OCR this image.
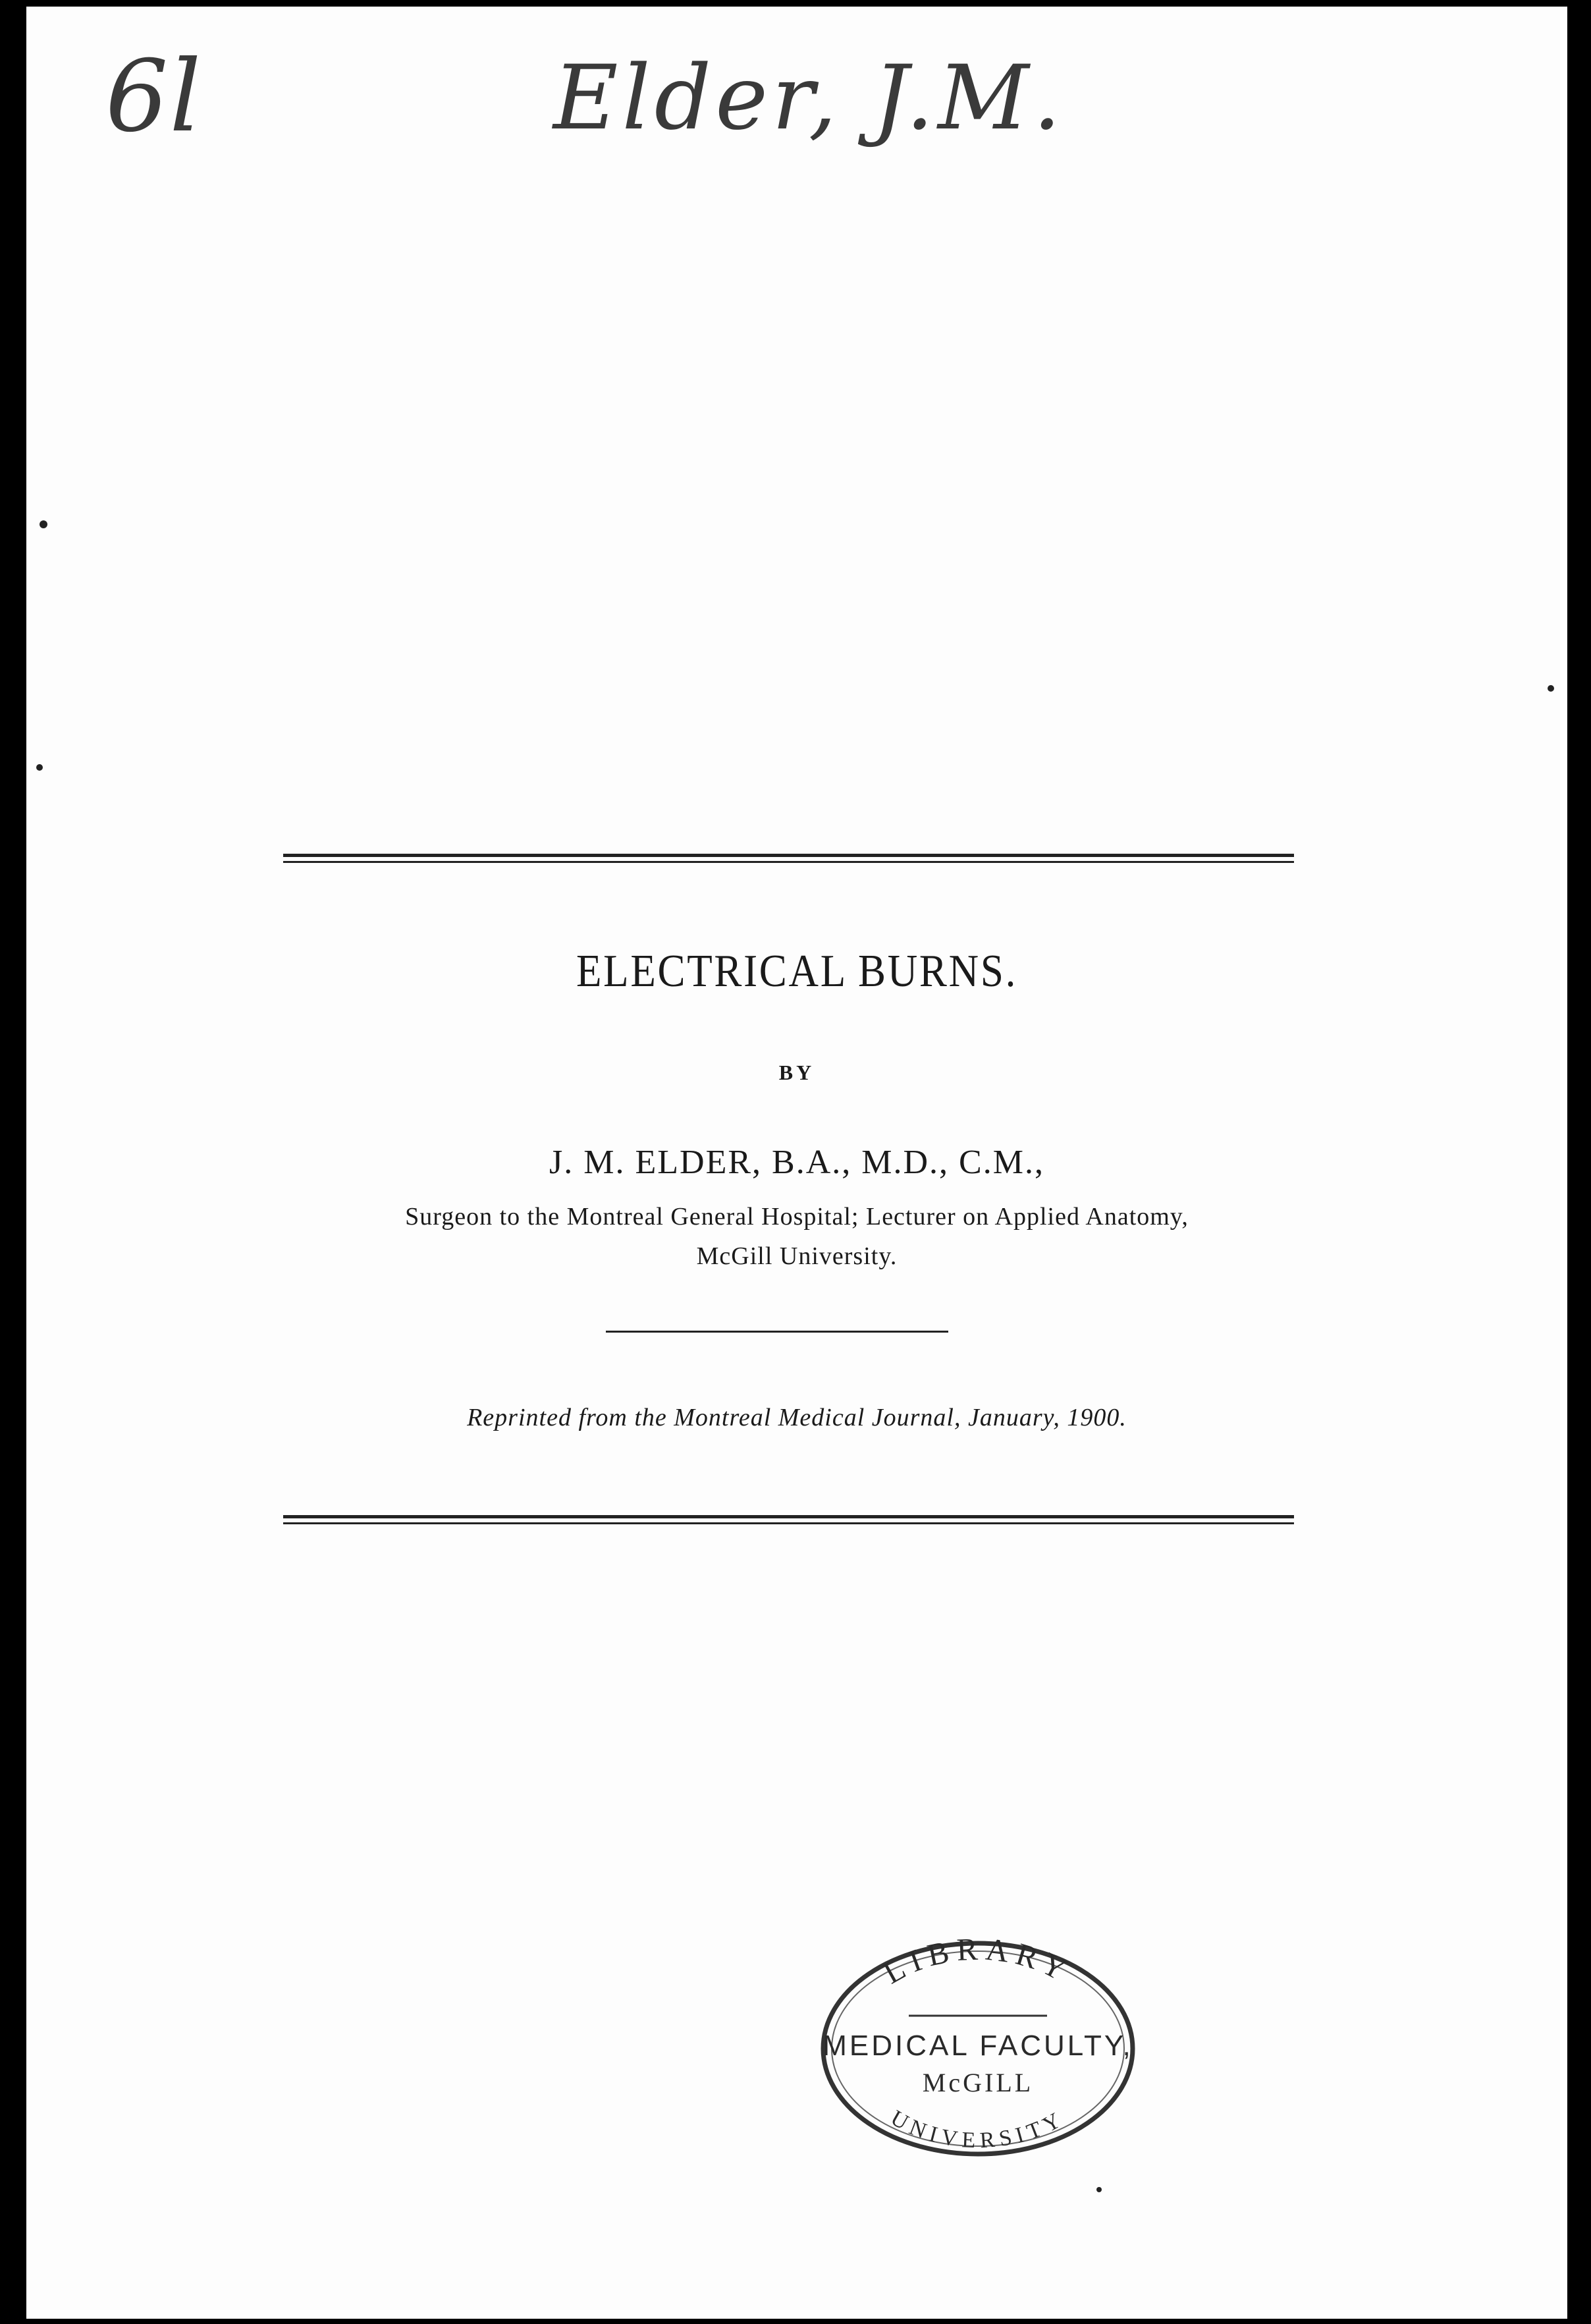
6l	Elder, J.M.
ELECTRICAL BURNS.
BY
J. M. ELDER, B.A., M.D., C.M.,
Surgeon to the Montreal General Hospital; Lecturer on Applied Anatomy,
McGill University.
Reprinted from the Montreal Medical Journal, January, 1900.
LIBRARY
MEDICAL FACULTY,
McGILL
UNIVERSITY
